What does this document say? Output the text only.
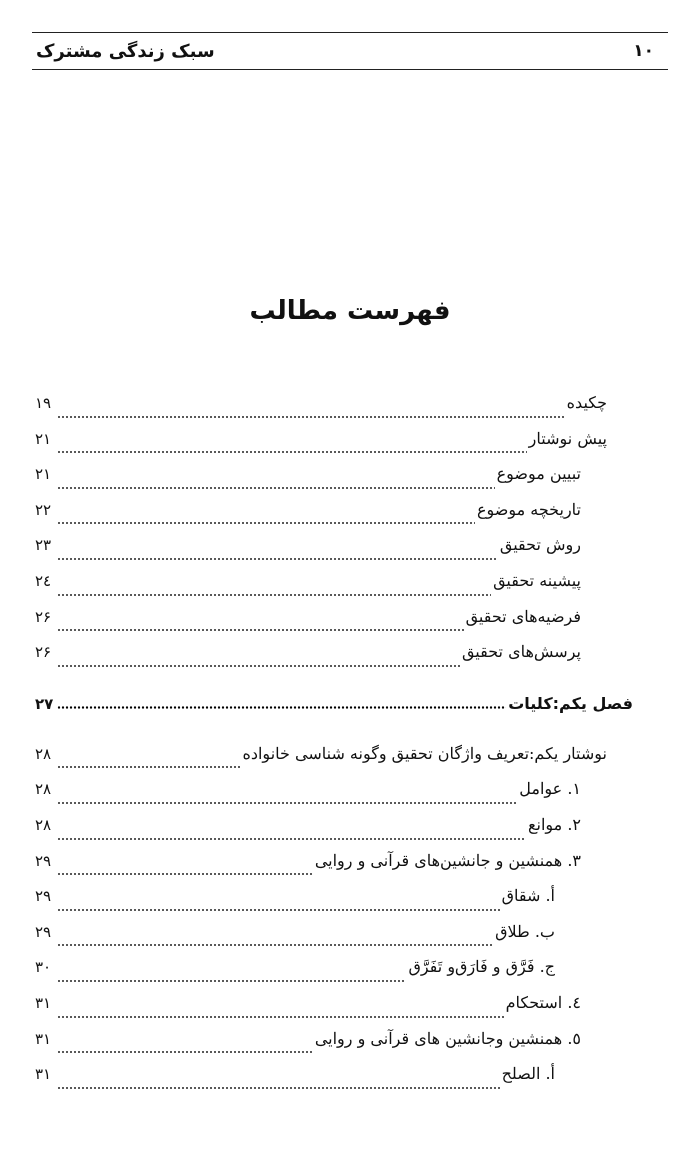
سبک زندگی مشترک	۱۰
فهرست مطالب
چکیده
۱۹
پیش نوشتار
۲۱
تبیین موضوع
۲۱
تاریخچه موضوع
۲۲
روش تحقیق
۲۳
پیشینه تحقیق
۲٤
فرضیه‌های تحقیق
۲۶
پرسش‌های تحقیق
۲۶
فصل یکم:کلیات
۲۷
نوشتار یکم:تعریف واژگان تحقیق وگونه شناسی خانواده
۲۸
۱. عوامل
۲۸
۲. موانع
۲۸
۳. همنشین و جانشین‌های قرآنی و روایی
۲۹
أ. شقاق
۲۹
ب. طلاق
۲۹
ج. فَرَّق و فَارَق‌و تَفَرَّق
۳۰
٤. استحکام
۳۱
٥. همنشین وجانشین های قرآنی و روایی
۳۱
أ. الصلح
۳۱
